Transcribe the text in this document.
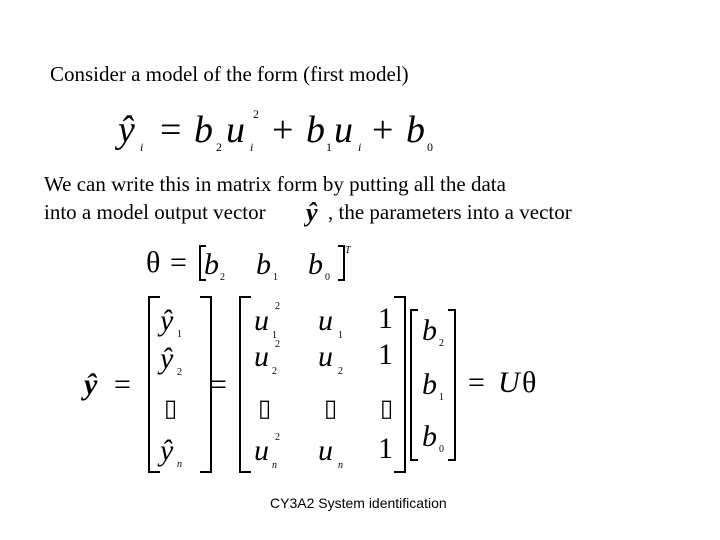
Consider a model of the form (first model)
ŷ i = b 2 u i
2 + b 1 u i + b 0
We can write this in matrix form by putting all the data
into a model output vector ŷ , the parameters into a vector
θ = b 2 b 1 b 0
T
ŷ =
ŷ 1
ŷ 2
▯
ŷ n
=
u 1
2
u 2
2
▯
u n
2
u 1
u 2
▯
u n
1
1
▯
1
b 2
b 1
b 0
= U θ
CY3A2 System identification
